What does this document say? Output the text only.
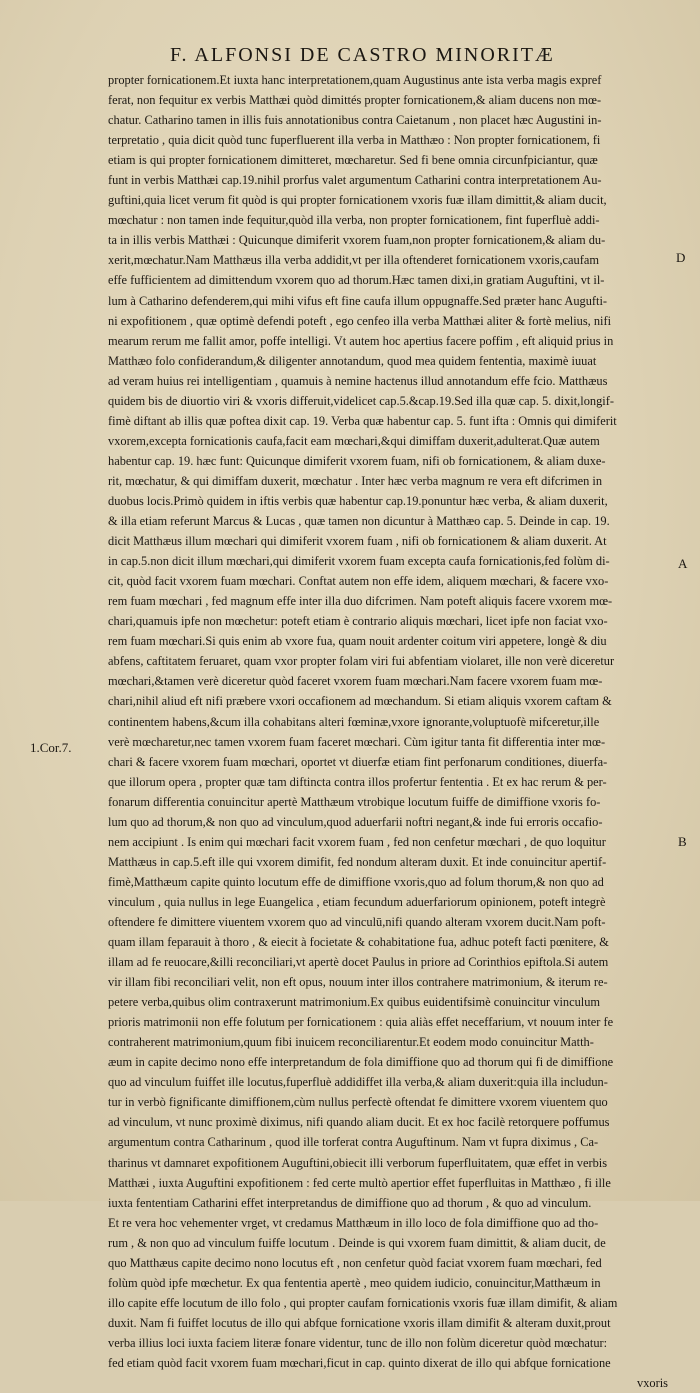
F. ALFONSI DE CASTRO MINORITÆ
propter fornicationem.Et iuxta hanc interpretationem,quam Augustinus ante ista verba magis expref
ferat, non fequitur ex verbis Matthæi quòd dimittés propter fornicationem,& aliam ducens non mœ-
chatur. Catharino tamen in illis fuis annotationibus contra Caietanum , non placet hæc Augustini in-
terpretatio , quia dicit quòd tunc fuperfluerent illa verba in Matthæo : Non propter fornicationem, fi
etiam is qui propter fornicationem dimitteret, mœcharetur. Sed fi bene omnia circunfpiciantur, quæ
funt in verbis Matthæi cap.19.nihil prorfus valet argumentum Catharini contra interpretationem Au-
guftini,quia licet verum fit quòd is qui propter fornicationem vxoris fuæ illam dimittit,& aliam ducit,
mœchatur : non tamen inde fequitur,quòd illa verba, non propter fornicationem, fint fuperfluè addi-
ta in illis verbis Matthæi : Quicunque dimiferit vxorem fuam,non propter fornicationem,& aliam du-
xerit,mœchatur.Nam Matthæus illa verba addidit,vt per illa oftenderet fornicationem vxoris,caufam
effe fufficientem ad dimittendum vxorem quo ad thorum.Hæc tamen dixi,in gratiam Auguftini, vt il-
lum à Catharino defenderem,qui mihi vifus eft fine caufa illum oppugnaffe.Sed præter hanc Augufti-
ni expofitionem , quæ optimè defendi poteft , ego cenfeo illa verba Matthæi aliter & fortè melius, nifi
mearum rerum me fallit amor, poffe intelligi. Vt autem hoc apertius facere poffim , eft aliquid prius in
Matthæo folo confiderandum,& diligenter annotandum, quod mea quidem fententia, maximè iuuat
ad veram huius rei intelligentiam , quamuis à nemine hactenus illud annotandum effe fcio. Matthæus
quidem bis de diuortio viri & vxoris differuit,videlicet cap.5.&cap.19.Sed illa quæ cap. 5. dixit,longif-
fimè diftant ab illis quæ poftea dixit cap. 19. Verba quæ habentur cap. 5. funt ifta : Omnis qui dimiferit
vxorem,excepta fornicationis caufa,facit eam mœchari,&qui dimiffam duxerit,adulterat.Quæ autem
habentur cap. 19. hæc funt: Quicunque dimiferit vxorem fuam, nifi ob fornicationem, & aliam duxe-
rit, mœchatur, & qui dimiffam duxerit, mœchatur . Inter hæc verba magnum re vera eft difcrimen in
duobus locis.Primò quidem in iftis verbis quæ habentur cap.19.ponuntur hæc verba, & aliam duxerit,
& illa etiam referunt Marcus & Lucas , quæ tamen non dicuntur à Matthæo cap. 5. Deinde in cap. 19.
dicit Matthæus illum mœchari qui dimiferit vxorem fuam , nifi ob fornicationem & aliam duxerit. At
in cap.5.non dicit illum mœchari,qui dimiferit vxorem fuam excepta caufa fornicationis,fed folùm di-
cit, quòd facit vxorem fuam mœchari. Conftat autem non effe idem, aliquem mœchari, & facere vxo-
rem fuam mœchari , fed magnum effe inter illa duo difcrimen. Nam poteft aliquis facere vxorem mœ-
chari,quamuis ipfe non mœchetur: poteft etiam è contrario aliquis mœchari, licet ipfe non faciat vxo-
rem fuam mœchari.Si quis enim ab vxore fua, quam nouit ardenter coitum viri appetere, longè & diu
abfens, caftitatem feruaret, quam vxor propter folam viri fui abfentiam violaret, ille non verè diceretur
mœchari,&tamen verè diceretur quòd faceret vxorem fuam mœchari.Nam facere vxorem fuam mœ-
chari,nihil aliud eft nifi præbere vxori occafionem ad mœchandum. Si etiam aliquis vxorem caftam &
continentem habens,&cum illa cohabitans alteri fœminæ,vxore ignorante,voluptuofè mifceretur,ille
verè mœcharetur,nec tamen vxorem fuam faceret mœchari. Cùm igitur tanta fit differentia inter mœ-
chari & facere vxorem fuam mœchari, oportet vt diuerfæ etiam fint perfonarum conditiones, diuerfa-
que illorum opera , propter quæ tam diftincta contra illos profertur fententia . Et ex hac rerum & per-
fonarum differentia conuincitur apertè Matthæum vtrobique locutum fuiffe de dimiffione vxoris fo-
lum quo ad thorum,& non quo ad vinculum,quod aduerfarii noftri negant,& inde fui erroris occafio-
nem accipiunt . Is enim qui mœchari facit vxorem fuam , fed non cenfetur mœchari , de quo loquitur
Matthæus in cap.5.eft ille qui vxorem dimifit, fed nondum alteram duxit. Et inde conuincitur apertif-
fimè,Matthæum capite quinto locutum effe de dimiffione vxoris,quo ad folum thorum,& non quo ad
vinculum , quia nullus in lege Euangelica , etiam fecundum aduerfariorum opinionem, poteft integrè
oftendere fe dimittere viuentem vxorem quo ad vinculū,nifi quando alteram vxorem ducit.Nam poft-
quam illam feparauit à thoro , & eiecit à focietate & cohabitatione fua, adhuc poteft facti pœnitere, &
illam ad fe reuocare,&illi reconciliari,vt apertè docet Paulus in priore ad Corinthios epiftola.Si autem
vir illam fibi reconciliari velit, non eft opus, nouum inter illos contrahere matrimonium, & iterum re-
petere verba,quibus olim contraxerunt matrimonium.Ex quibus euidentifsimè conuincitur vinculum
prioris matrimonii non effe folutum per fornicationem : quia aliàs effet neceffarium, vt nouum inter fe
contraherent matrimonium,quum fibi inuicem reconciliarentur.Et eodem modo conuincitur Matth-
æum in capite decimo nono effe interpretandum de fola dimiffione quo ad thorum qui fi de dimiffione
quo ad vinculum fuiffet ille locutus,fuperfluè addidiffet illa verba,& aliam duxerit:quia illa includun-
tur in verbò fignificante dimiffionem,cùm nullus perfectè oftendat fe dimittere vxorem viuentem quo
ad vinculum, vt nunc proximè diximus, nifi quando aliam ducit. Et ex hoc facilè retorquere poffumus
argumentum contra Catharinum , quod ille torferat contra Auguftinum. Nam vt fupra diximus , Ca-
tharinus vt damnaret expofitionem Auguftini,obiecit illi verborum fuperfluitatem, quæ effet in verbis
Matthæi , iuxta Auguftini expofitionem : fed certe multò apertior effet fuperfluitas in Matthæo , fi ille
iuxta fententiam Catharini effet interpretandus de dimiffione quo ad thorum , & quo ad vinculum.
Et re vera hoc vehementer vrget, vt credamus Matthæum in illo loco de fola dimiffione quo ad tho-
rum , & non quo ad vinculum fuiffe locutum . Deinde is qui vxorem fuam dimittit, & aliam ducit, de
quo Matthæus capite decimo nono locutus eft , non cenfetur quòd faciat vxorem fuam mœchari, fed
folùm quòd ipfe mœchetur. Ex qua fententia apertè , meo quidem iudicio, conuincitur,Matthæum in
illo capite effe locutum de illo folo , qui propter caufam fornicationis vxoris fuæ illam dimifit, & aliam
duxit. Nam fi fuiffet locutus de illo qui abfque fornicatione vxoris illam dimifit & alteram duxit,prout
verba illius loci iuxta faciem literæ fonare videntur, tunc de illo non folùm diceretur quòd mœchatur:
fed etiam quòd facit vxorem fuam mœchari,ficut in cap. quinto dixerat de illo qui abfque fornicatione
vxoris
1.Cor.7.
D
A
B
